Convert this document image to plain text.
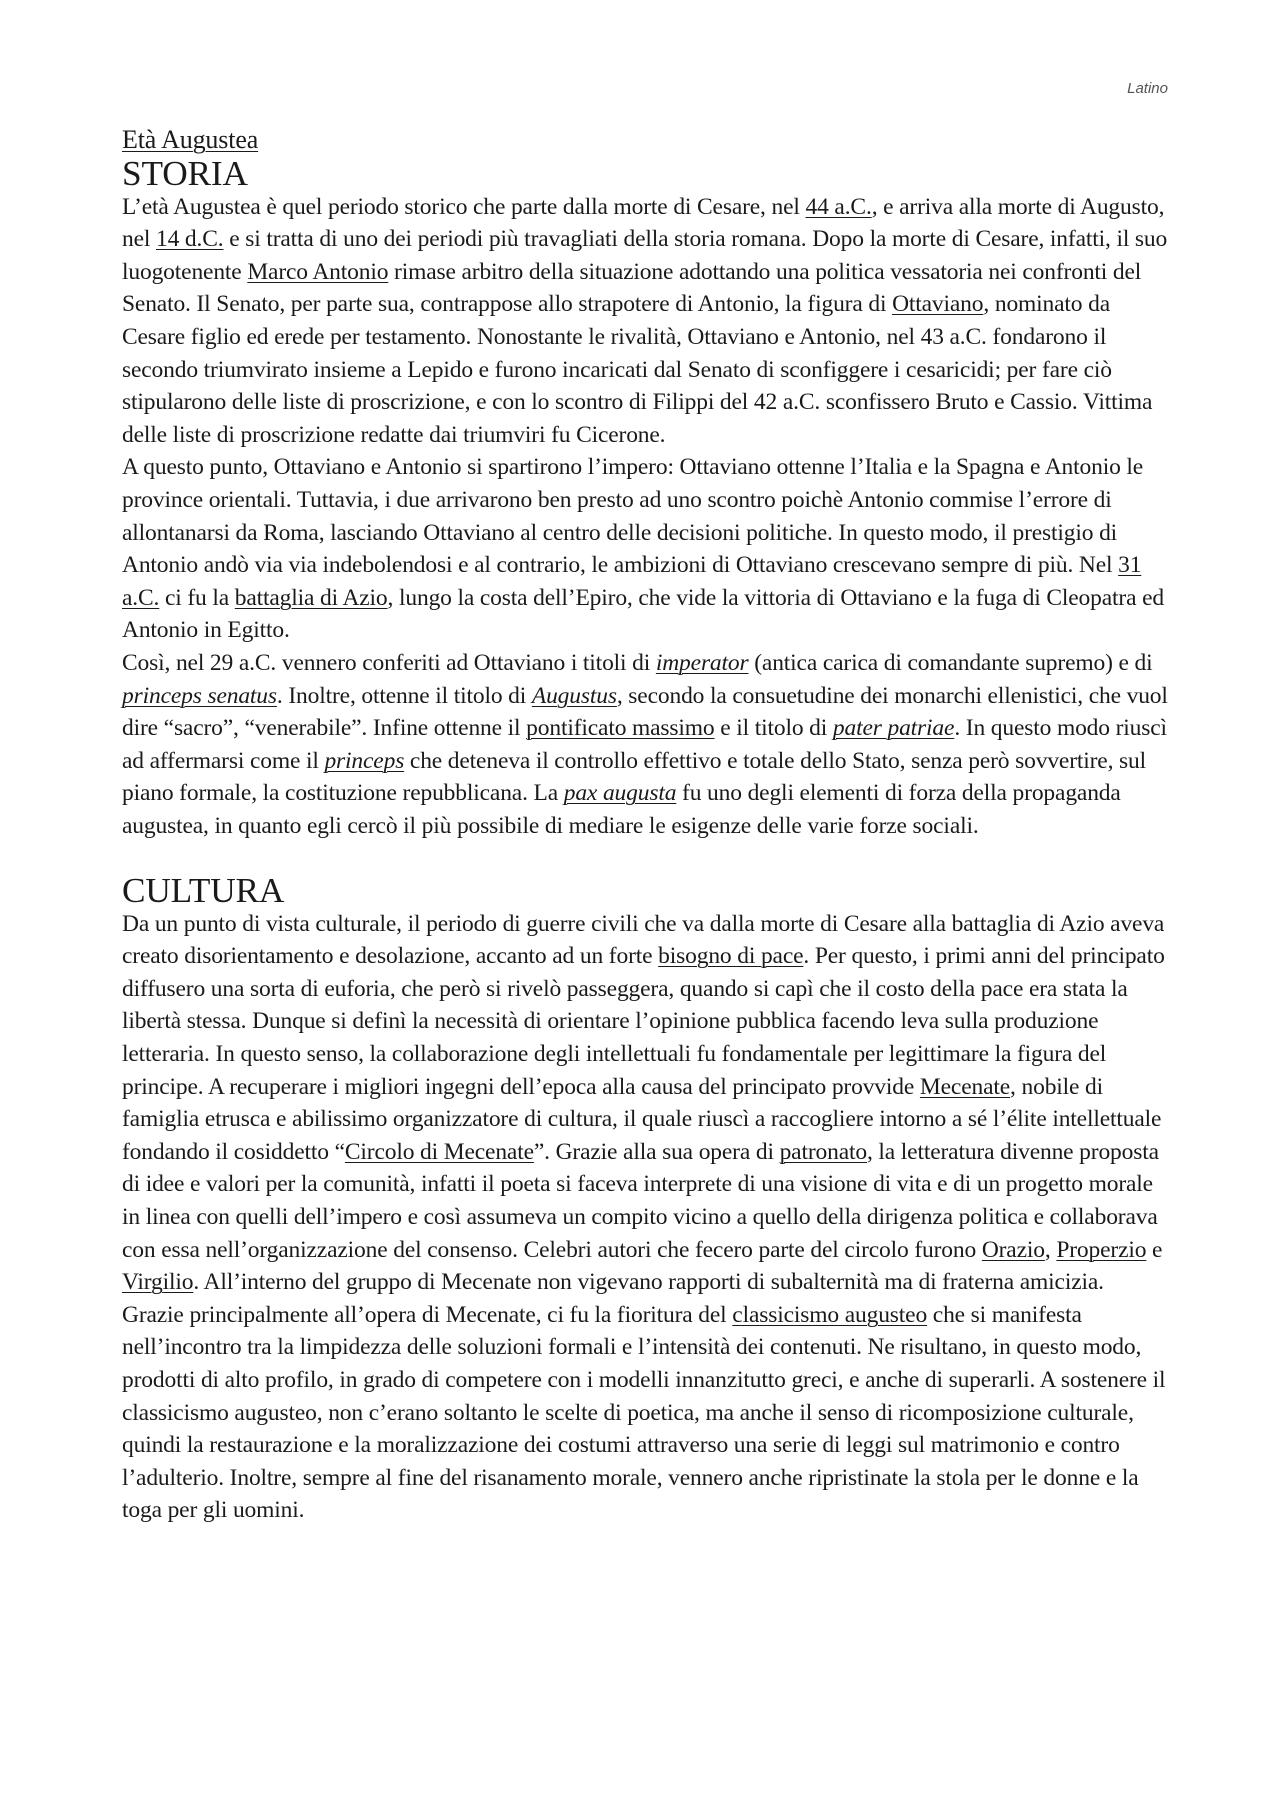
Latino
Età Augustea
STORIA

L’età Augustea è quel periodo storico che parte dalla morte di Cesare, nel 44 a.C., e arriva alla morte di Augusto, nel 14 d.C. e si tratta di uno dei periodi più travagliati della storia romana. Dopo la morte di Cesare, infatti, il suo luogotenente Marco Antonio rimase arbitro della situazione adottando una politica vessatoria nei confronti del Senato. Il Senato, per parte sua, contrappose allo strapotere di Antonio, la figura di Ottaviano, nominato da Cesare figlio ed erede per testamento. Nonostante le rivalità, Ottaviano e Antonio, nel 43 a.C. fondarono il secondo triumvirato insieme a Lepido e furono incaricati dal Senato di sconfiggere i cesaricidi; per fare ciò stipularono delle liste di proscrizione, e con lo scontro di Filippi del 42 a.C. sconfissero Bruto e Cassio. Vittima delle liste di proscrizione redatte dai triumviri fu Cicerone.

A questo punto, Ottaviano e Antonio si spartirono l’impero: Ottaviano ottenne l’Italia e la Spagna e Antonio le province orientali. Tuttavia, i due arrivarono ben presto ad uno scontro poichè Antonio commise l’errore di allontanarsi da Roma, lasciando Ottaviano al centro delle decisioni politiche. In questo modo, il prestigio di Antonio andò via via indebolendosi e al contrario, le ambizioni di Ottaviano crescevano sempre di più. Nel 31 a.C. ci fu la battaglia di Azio, lungo la costa dell’Epiro, che vide la vittoria di Ottaviano e la fuga di Cleopatra ed Antonio in Egitto.

Così, nel 29 a.C. vennero conferiti ad Ottaviano i titoli di imperator (antica carica di comandante supremo) e di princeps senatus. Inoltre, ottenne il titolo di Augustus, secondo la consuetudine dei monarchi ellenistici, che vuol dire “sacro”, “venerabile”. Infine ottenne il pontificato massimo e il titolo di pater patriae. In questo modo riuscì ad affermarsi come il princeps che deteneva il controllo effettivo e totale dello Stato, senza però sovvertire, sul piano formale, la costituzione repubblicana. La pax augusta fu uno degli elementi di forza della propaganda augustea, in quanto egli cercò il più possibile di mediare le esigenze delle varie forze sociali.

CULTURA

Da un punto di vista culturale, il periodo di guerre civili che va dalla morte di Cesare alla battaglia di Azio aveva creato disorientamento e desolazione, accanto ad un forte bisogno di pace. Per questo, i primi anni del principato diffusero una sorta di euforia, che però si rivelò passeggera, quando si capì che il costo della pace era stata la libertà stessa. Dunque si definì la necessità di orientare l’opinione pubblica facendo leva sulla produzione letteraria. In questo senso, la collaborazione degli intellettuali fu fondamentale per legittimare la figura del principe. A recuperare i migliori ingegni dell’epoca alla causa del principato provvide Mecenate, nobile di famiglia etrusca e abilissimo organizzatore di cultura, il quale riuscì a raccogliere intorno a sé l’élite intellettuale fondando il cosiddetto “Circolo di Mecenate”. Grazie alla sua opera di patronato, la letteratura divenne proposta di idee e valori per la comunità, infatti il poeta si faceva interprete di una visione di vita e di un progetto morale in linea con quelli dell’impero e così assumeva un compito vicino a quello della dirigenza politica e collaborava con essa nell’organizzazione del consenso. Celebri autori che fecero parte del circolo furono Orazio, Properzio e Virgilio. All’interno del gruppo di Mecenate non vigevano rapporti di subalternità ma di fraterna amicizia.

Grazie principalmente all’opera di Mecenate, ci fu la fioritura del classicismo augusteo che si manifesta nell’incontro tra la limpidezza delle soluzioni formali e l’intensità dei contenuti. Ne risultano, in questo modo, prodotti di alto profilo, in grado di competere con i modelli innanzitutto greci, e anche di superarli. A sostenere il classicismo augusteo, non c’erano soltanto le scelte di poetica, ma anche il senso di ricomposizione culturale, quindi la restaurazione e la moralizzazione dei costumi attraverso una serie di leggi sul matrimonio e contro l’adulterio. Inoltre, sempre al fine del risanamento morale, vennero anche ripristinate la stola per le donne e la toga per gli uomini.
